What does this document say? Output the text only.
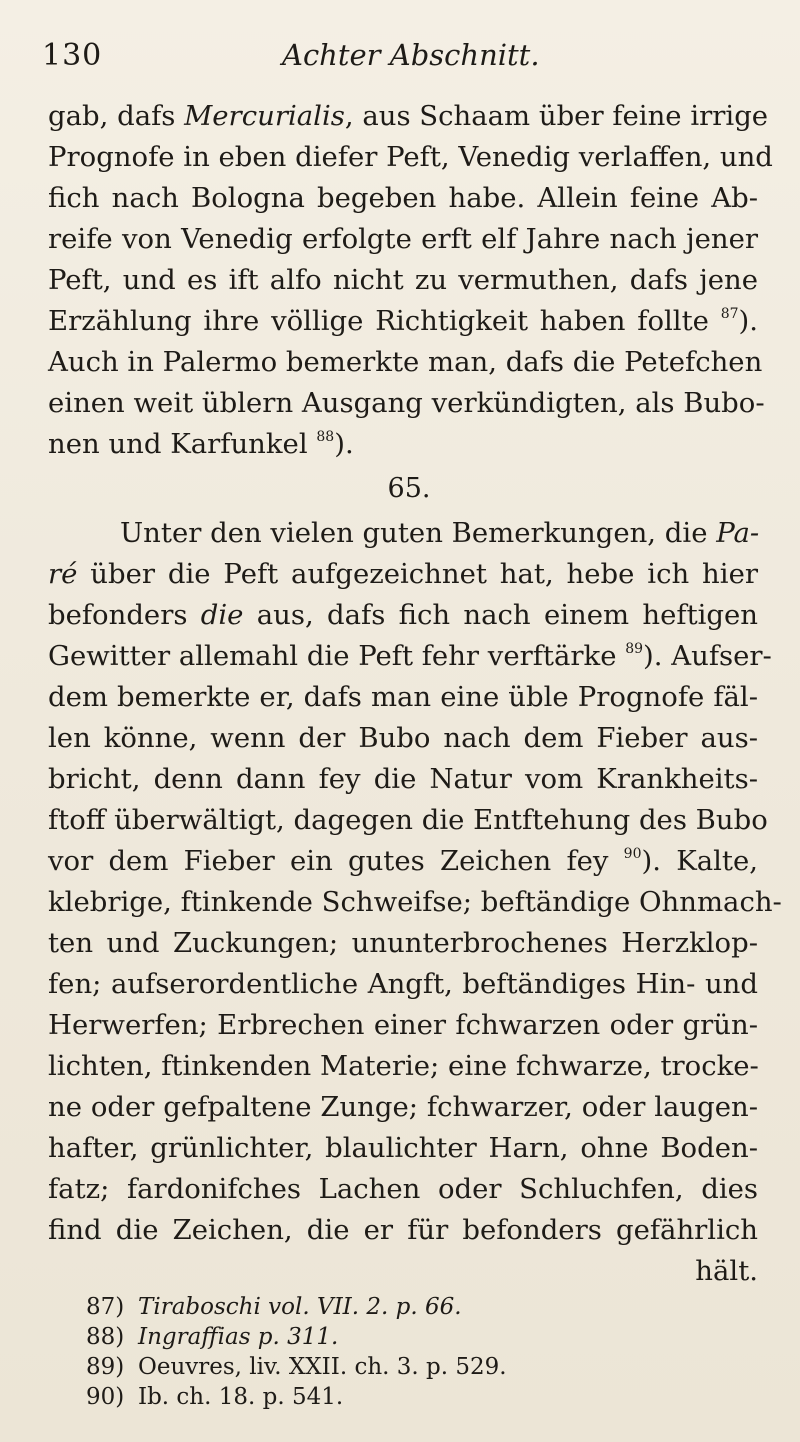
130	Achter Abschnitt.
gab, dafs Mercurialis, aus Schaam über feine irrige
Prognofe in eben diefer Peft, Venedig verlaffen, und
fich nach Bologna begeben habe. Allein feine Ab-
reife von Venedig erfolgte erft elf Jahre nach jener
Peft, und es ift alfo nicht zu vermuthen, dafs jene
Erzählung ihre völlige Richtigkeit haben follte $^{87}$).
Auch in Palermo bemerkte man, dafs die Petefchen
einen weit üblern Ausgang verkündigten, als Bubo-
nen und Karfunkel $^{88}$).
65.
Unter den vielen guten Bemerkungen, die Pa-
ré über die Peft aufgezeichnet hat, hebe ich hier
befonders die aus, dafs fich nach einem heftigen
Gewitter allemahl die Peft fehr verftärke $^{89}$). Aufser-
dem bemerkte er, dafs man eine üble Prognofe fäl-
len könne, wenn der Bubo nach dem Fieber aus-
bricht, denn dann fey die Natur vom Krankheits-
ftoff überwältigt, dagegen die Entftehung des Bubo
vor dem Fieber ein gutes Zeichen fey $^{90}$). Kalte,
klebrige, ftinkende Schweifse; beftändige Ohnmach-
ten und Zuckungen; ununterbrochenes Herzklop-
fen; aufserordentliche Angft, beftändiges Hin- und
Herwerfen; Erbrechen einer fchwarzen oder grün-
lichten, ftinkenden Materie; eine fchwarze, trocke-
ne oder gefpaltene Zunge; fchwarzer, oder laugen-
hafter, grünlichter, blaulichter Harn, ohne Boden-
fatz; fardonifches Lachen oder Schluchfen, dies
find die Zeichen, die er für befonders gefährlich
hält.
87) Tiraboschi vol. VII. 2. p. 66.
88) Ingraffias p. 311.
89) Oeuvres, liv. XXII. ch. 3. p. 529.
90) Ib. ch. 18. p. 541.
